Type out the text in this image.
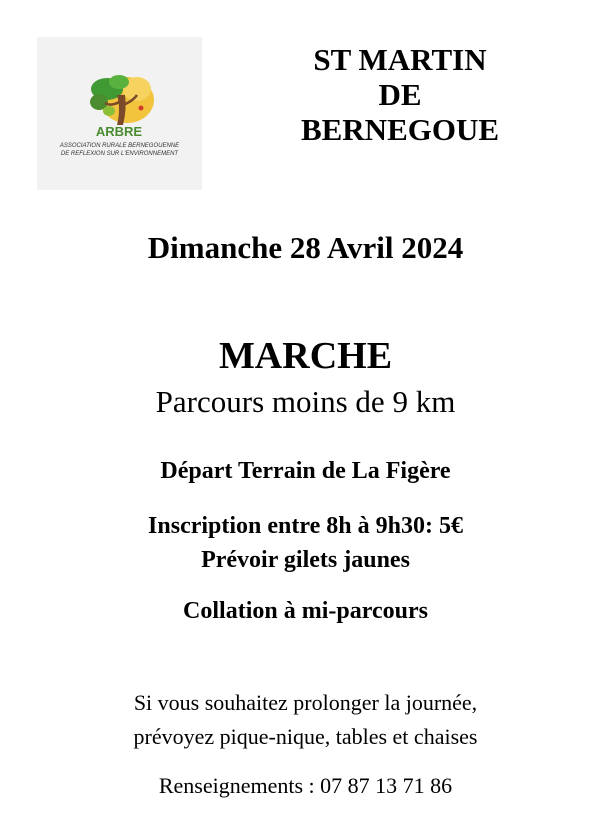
ARBRE
ASSOCIATION RURALE BERNEGOUENNE
DE REFLEXION SUR L'ENVIRONNEMENT
ST MARTIN
DE
BERNEGOUE
Dimanche 28 Avril 2024
MARCHE
Parcours moins de 9 km
Départ Terrain de La Figère
Inscription entre 8h à 9h30: 5€
Prévoir gilets jaunes
Collation à mi-parcours
Si vous souhaitez prolonger la journée,
prévoyez pique-nique, tables et chaises
Renseignements : 07 87 13 71 86
